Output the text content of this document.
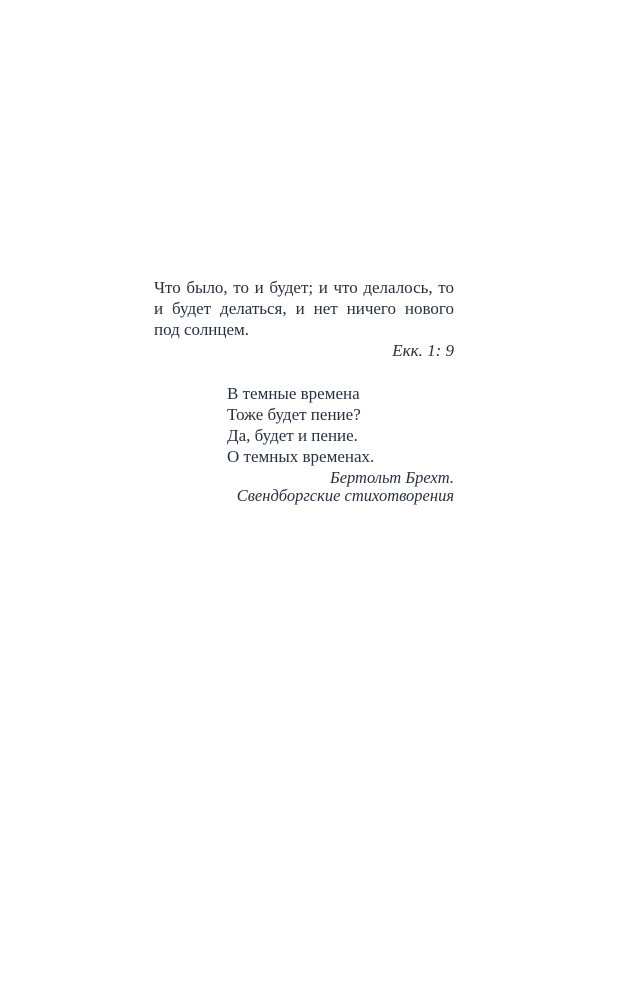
Что было, то и будет; и что делалось, то
и будет делаться, и нет ничего нового
под солнцем.
Екк. 1: 9
В темные времена
Тоже будет пение?
Да, будет и пение.
О темных временах.
Бертольт Брехт.
Свендборгские стихотворения
